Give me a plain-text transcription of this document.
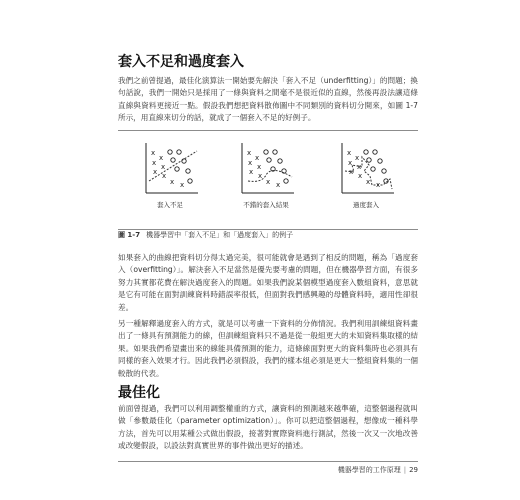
套入不足和過度套入

我們之前曾提過，最佳化演算法一開始要先解決「套入不足（underfitting）」的問題；換句話說，我們一開始只是採用了一條與資料之間毫不是很近似的直線，然後再設法讓這條直線與資料更接近一點。假設我們想把資料散佈圖中不同類別的資料切分開來，如圖 1-7 所示，用直線來切分的話，就成了一個套入不足的好例子。

x
x
x x
x x
x x
套入不足
x
x
x x
x x
x x
不錯的套入結果
x
x
x x
x x
x x
過度套入
圖 1-7 機器學習中「套入不足」和「過度套入」的例子

如果套入的曲線把資料切分得太過完美，很可能就會是遇到了相反的問題，稱為「過度套入（overfitting）」。解決套入不足當然是優先要考慮的問題，但在機器學習方面，有很多努力其實都花費在解決過度套入的問題。如果我們說某個模型過度套入數組資料，意思就是它有可能在面對訓練資料時錯誤率很低，但面對我們感興趣的母體資料時，適用性卻很差。

另一種解釋過度套入的方式，就是可以考慮一下資料的分佈情況。我們利用訓練組資料畫出了一條具有預測能力的線，但訓練組資料只不過是從一般組更大的未知資料集取樣的結果。如果我們希望畫出來的線能具備預測的能力，這條線面對更大的資料集時也必須具有同樣的套入效果才行。因此我們必須假設，我們的樣本組必須是更大一整組資料集的一個較散的代表。

最佳化

前面曾提過，我們可以利用調整權重的方式，讓資料的預測越來越準確，這整個過程就叫做「參數最佳化（parameter optimization）」。你可以把這整個過程，想像成一種科學方法，首先可以用某種公式做出假設，接著對實際資料進行測試，然後一次又一次地改善或改變假設，以設法對真實世界的事件做出更好的描述。

機器學習的工作原理 | 29
